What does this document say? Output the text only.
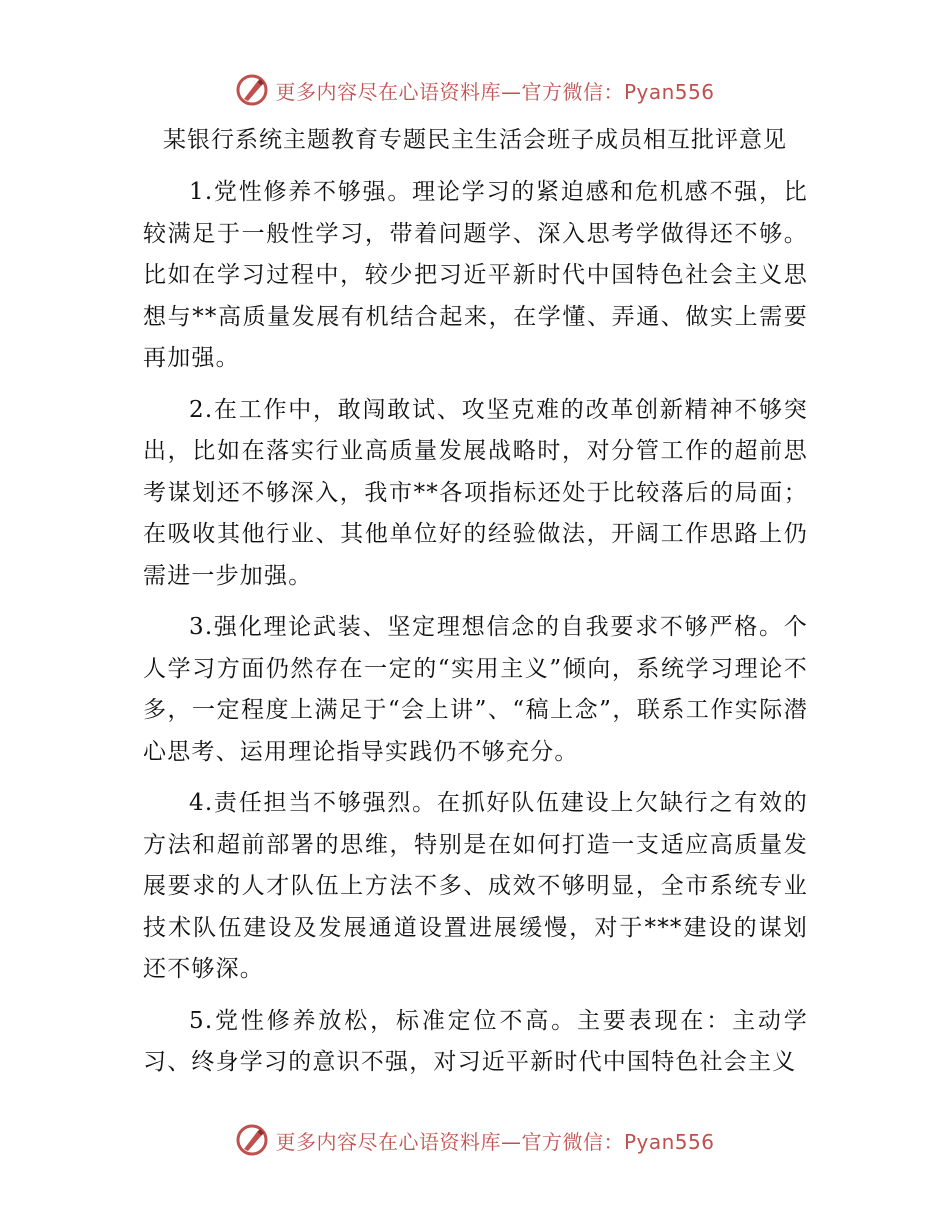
更多内容尽在心语资料库—官方微信：Pyan556
某银行系统主题教育专题民主生活会班子成员相互批评意见

1.党性修养不够强。理论学习的紧迫感和危机感不强，比较满足于一般性学习，带着问题学、深入思考学做得还不够。比如在学习过程中，较少把习近平新时代中国特色社会主义思想与**高质量发展有机结合起来，在学懂、弄通、做实上需要再加强。

2.在工作中，敢闯敢试、攻坚克难的改革创新精神不够突出，比如在落实行业高质量发展战略时，对分管工作的超前思考谋划还不够深入，我市**各项指标还处于比较落后的局面；在吸收其他行业、其他单位好的经验做法，开阔工作思路上仍需进一步加强。

3.强化理论武装、坚定理想信念的自我要求不够严格。个人学习方面仍然存在一定的“实用主义”倾向，系统学习理论不多，一定程度上满足于“会上讲”、“稿上念”，联系工作实际潜心思考、运用理论指导实践仍不够充分。

4.责任担当不够强烈。在抓好队伍建设上欠缺行之有效的方法和超前部署的思维，特别是在如何打造一支适应高质量发展要求的人才队伍上方法不多、成效不够明显，全市系统专业技术队伍建设及发展通道设置进展缓慢，对于***建设的谋划还不够深。

5.党性修养放松，标准定位不高。主要表现在：主动学习、终身学习的意识不强，对习近平新时代中国特色社会主义

更多内容尽在心语资料库—官方微信：Pyan556
